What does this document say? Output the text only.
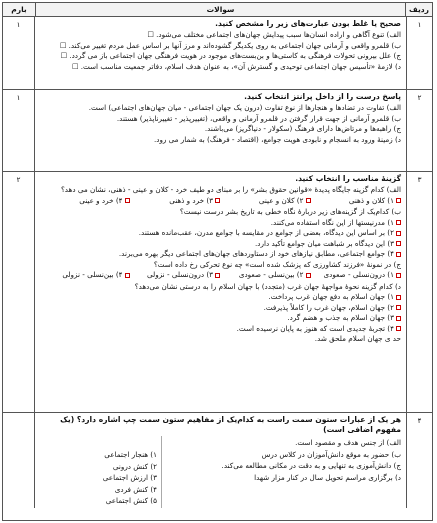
ردیف
سوالات
بارم
۱
صحیح یا غلط بودن عبارت‌های زیر را مشخص کنید.
الف) تنوع آگاهی و اراده انسان‌ها سبب پیدایش جهان‌های اجتماعی مختلف می‌شود. ☐
ب) قلمرو واقعی و آرمانی جهان اجتماعی به روی یکدیگر گشوده‌اند و مرز آنها بر اساس عمل مردم تغییر می‌کند. ☐
ج) علل بیرونی تحولات فرهنگی به کاستی‌ها و بن‌بست‌های موجود در هویت فرهنگی جهان اجتماعی باز می‌ گردد. ☐
د) لازمهٔ «تأسیس جهان اجتماعی توحیدی و گسترش آن»، به عنوان هدف اسلام، دفاتر جمعیت مناسب است. ☐
۱
۲
پاسخ درست را از داخل پرانتز انتخاب کنید.
الف) تفاوت در تضادها و هنجارها از نوع تفاوت (درون یک جهان اجتماعی - میان جهان‌های اجتماعی) است.
ب) قلمرو آرمانی از جهت قرار گرفتن در قلمرو آرمانی و واقعی، (تغییرپذیر - تغییرناپذیر) هستند.
ج) راهبه‌ها و مرتاض‌ها دارای فرهنگ (سکولار - دنیاگریز) می‌باشند.
د) زمینهٔ ورود به انسجام و نابودی هویت جوامع، (اقتصاد - فرهنگ) به شمار می‌ رود.
۱
۳
گزینهٔ مناسب را انتخاب کنید.
الف) کدام گزینه جایگاه پدیدهٔ «قوانین حقوق بشر» را بر مبنای دو طیف خرد - کلان و عینی - ذهنی، نشان می‌ دهد؟
۱) کلان و ذهنی
۲) کلان و عینی
۳) خرد و ذهنی
۴) خرد و عینی
ب) کدام‌یک از گزینه‌های زیر دربارهٔ نگاه خطی به تاریخ بشر درست نیست؟
۱) مدرنیستها از این نگاه استفاده می‌کنند.
۲) بر اساس این دیدگاه، بعضی از جوامع در مقایسه با جوامع مدرن، عقب‌مانده هستند.
۳) این دیدگاه بر شباهت میان جوامع تأکید دارد.
۴) جوامع اجتماعی، مطابق نیازهای خود از دستاوردهای جهان‌های اجتماعی دیگر بهره می‌برند.
ج) در نمونهٔ «فرزند کشاورزی که پزشک شده است» چه نوع تحرکی رخ داده است؟
۱) درون‌نسلی - صعودی
۲) بین‌نسلی - صعودی
۳) درون‌نسلی - نزولی
۴) بین‌نسلی - نزولی
د) کدام گزینه نحوهٔ مواجههٔ جهان غرب (متجدد) با جهان اسلام را به درستی نشان می‌دهد؟
۱) جهان اسلام به دفع جهان غرب پرداخت.
۲) جهان اسلام، جهان غرب را کاملاً پذیرفت.
۳) جهان اسلام به جذب و هضم گرد.
۴) تجربهٔ جدیدی است که هنوز به پایان نرسیده است.
حد ی جهان اسلام ملحق شد.
۲
۴
هر یک از عبارات ستون سمت راست به کدام‌یک از مفاهیم ستون سمت چپ اشاره دارد؟ (یک مفهوم اضافی است)
الف) از جنس هدف و مقصود است.
ب) حضور به موقع دانش‌آموزان در کلاس درس
ج) دانش‌آموزی به تنهایی و به دقت در مکانی مطالعه می‌کند.
د) برگزاری مراسم تحویل سال در کنار مزار شهدا
۱) هنجار اجتماعی
۲) کنش درونی
۳) ارزش اجتماعی
۴) کنش فردی
۵) کنش اجتماعی
